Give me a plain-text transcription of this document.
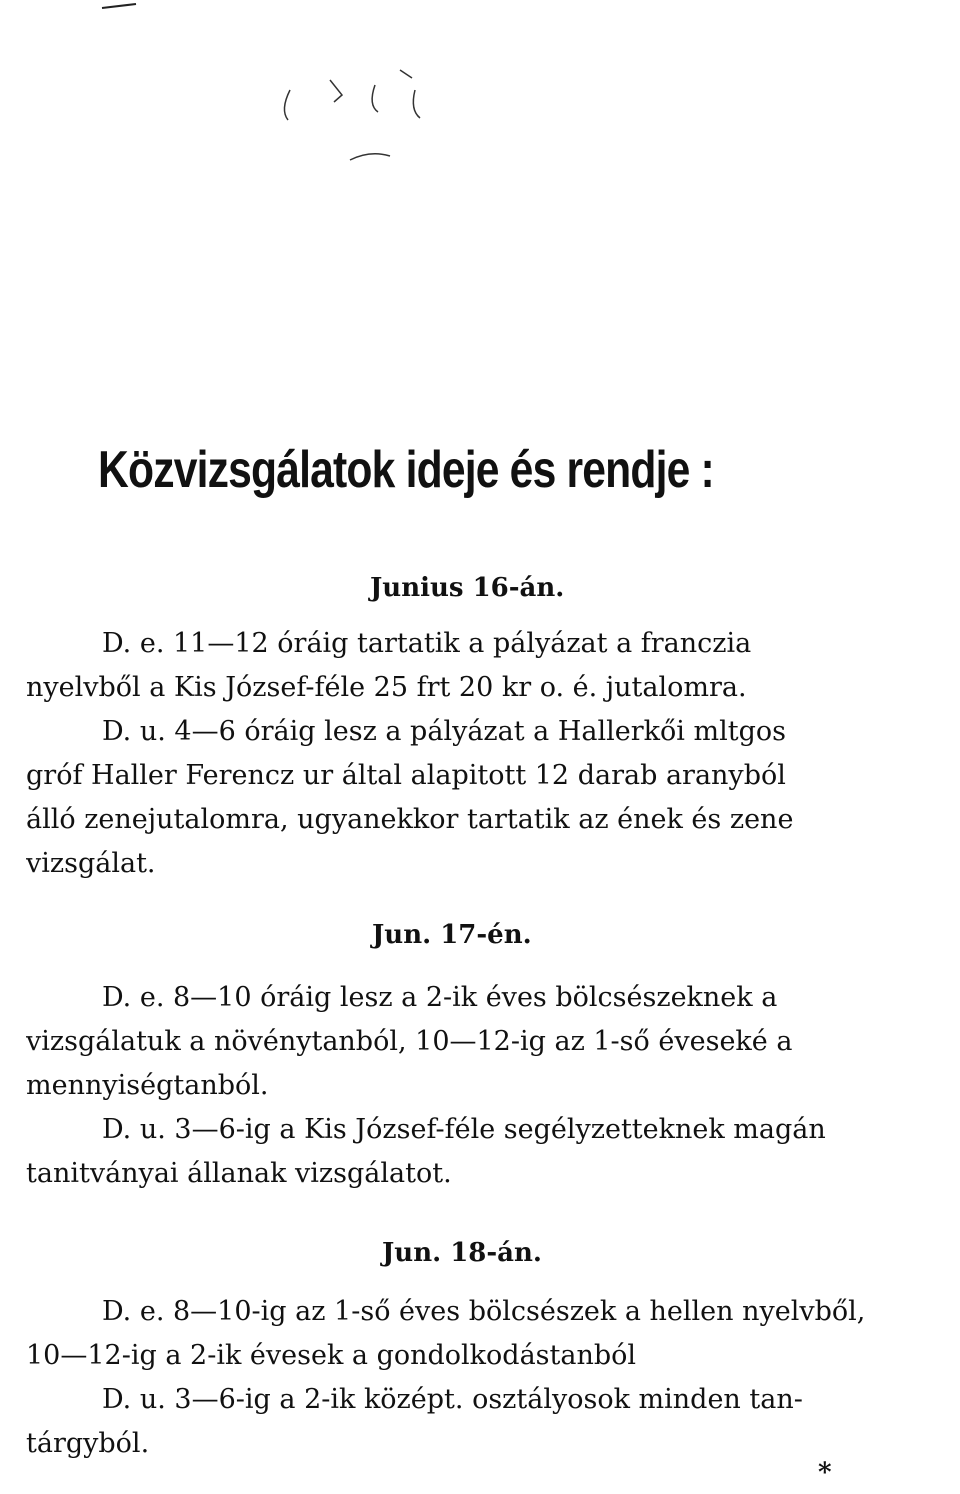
Közvizsgálatok ideje és rendje :
Junius 16-án.
D. e. 11—12 óráig tartatik a pályázat a franczia
nyelvből a Kis József-féle 25 frt 20 kr o. é. jutalomra.
D. u. 4—6 óráig lesz a pályázat a Hallerkői mltgos
gróf Haller Ferencz ur által alapitott 12 darab aranyból
álló zenejutalomra, ugyanekkor tartatik az ének és zene
vizsgálat.
Jun. 17-én.
D. e. 8—10 óráig lesz a 2-ik éves bölcsészeknek a
vizsgálatuk a növénytanból, 10—12-ig az 1-ső éveseké a
mennyiségtanból.
D. u. 3—6-ig a Kis József-féle segélyzetteknek magán
tanitványai állanak vizsgálatot.
Jun. 18-án.
D. e. 8—10-ig az 1-ső éves bölcsészek a hellen nyelvből,
10—12-ig a 2-ik évesek a gondolkodástanból
D. u. 3—6-ig a 2-ik középt. osztályosok minden tan-
tárgyból.
*
